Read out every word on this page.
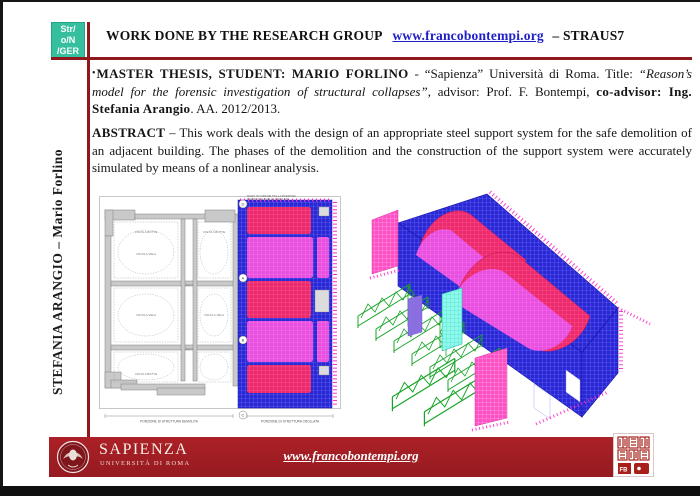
Str/
o/N
/GER
WORK DONE BY THE RESEARCH GROUP www.francobontempi.org – STRAUS7
STEFANIA ARANGIO – Mario Forlino

•MASTER THESIS, STUDENT: MARIO FORLINO - “Sapienza” Università di Roma. Title: “Reason’s model for the forensic investigation of structural collapses”, advisor: Prof. F. Bontempi, co-advisor: Ing. Stefania Arangio. AA. 2012/2013.

ABSTRACT – This work deals with the design of an appropriate steel support system for the safe demolition of an adjacent building. The phases of the demolition and the construction of the support system were accurately simulated by means of a nonlinear analysis.

VOLTA A BOTTE
VOLTA A VELA
VOLTA A VELA
VOLTA A BOTTE
VOLTA A BOTTE
VOLTA A VELA
ARCO
ARCO
D
A
B
C
MURO IN COMUNE TRA LA PORZIONE
DEMOLITA E QUELLA CROLLATA
PORZIONE DI STRUTTURA DEMOLITA	PORZIONE DI STRUTTURA CROLLATA
SAPIENZA
UNIVERSITÀ DI ROMA
www.francobontempi.org
FB
